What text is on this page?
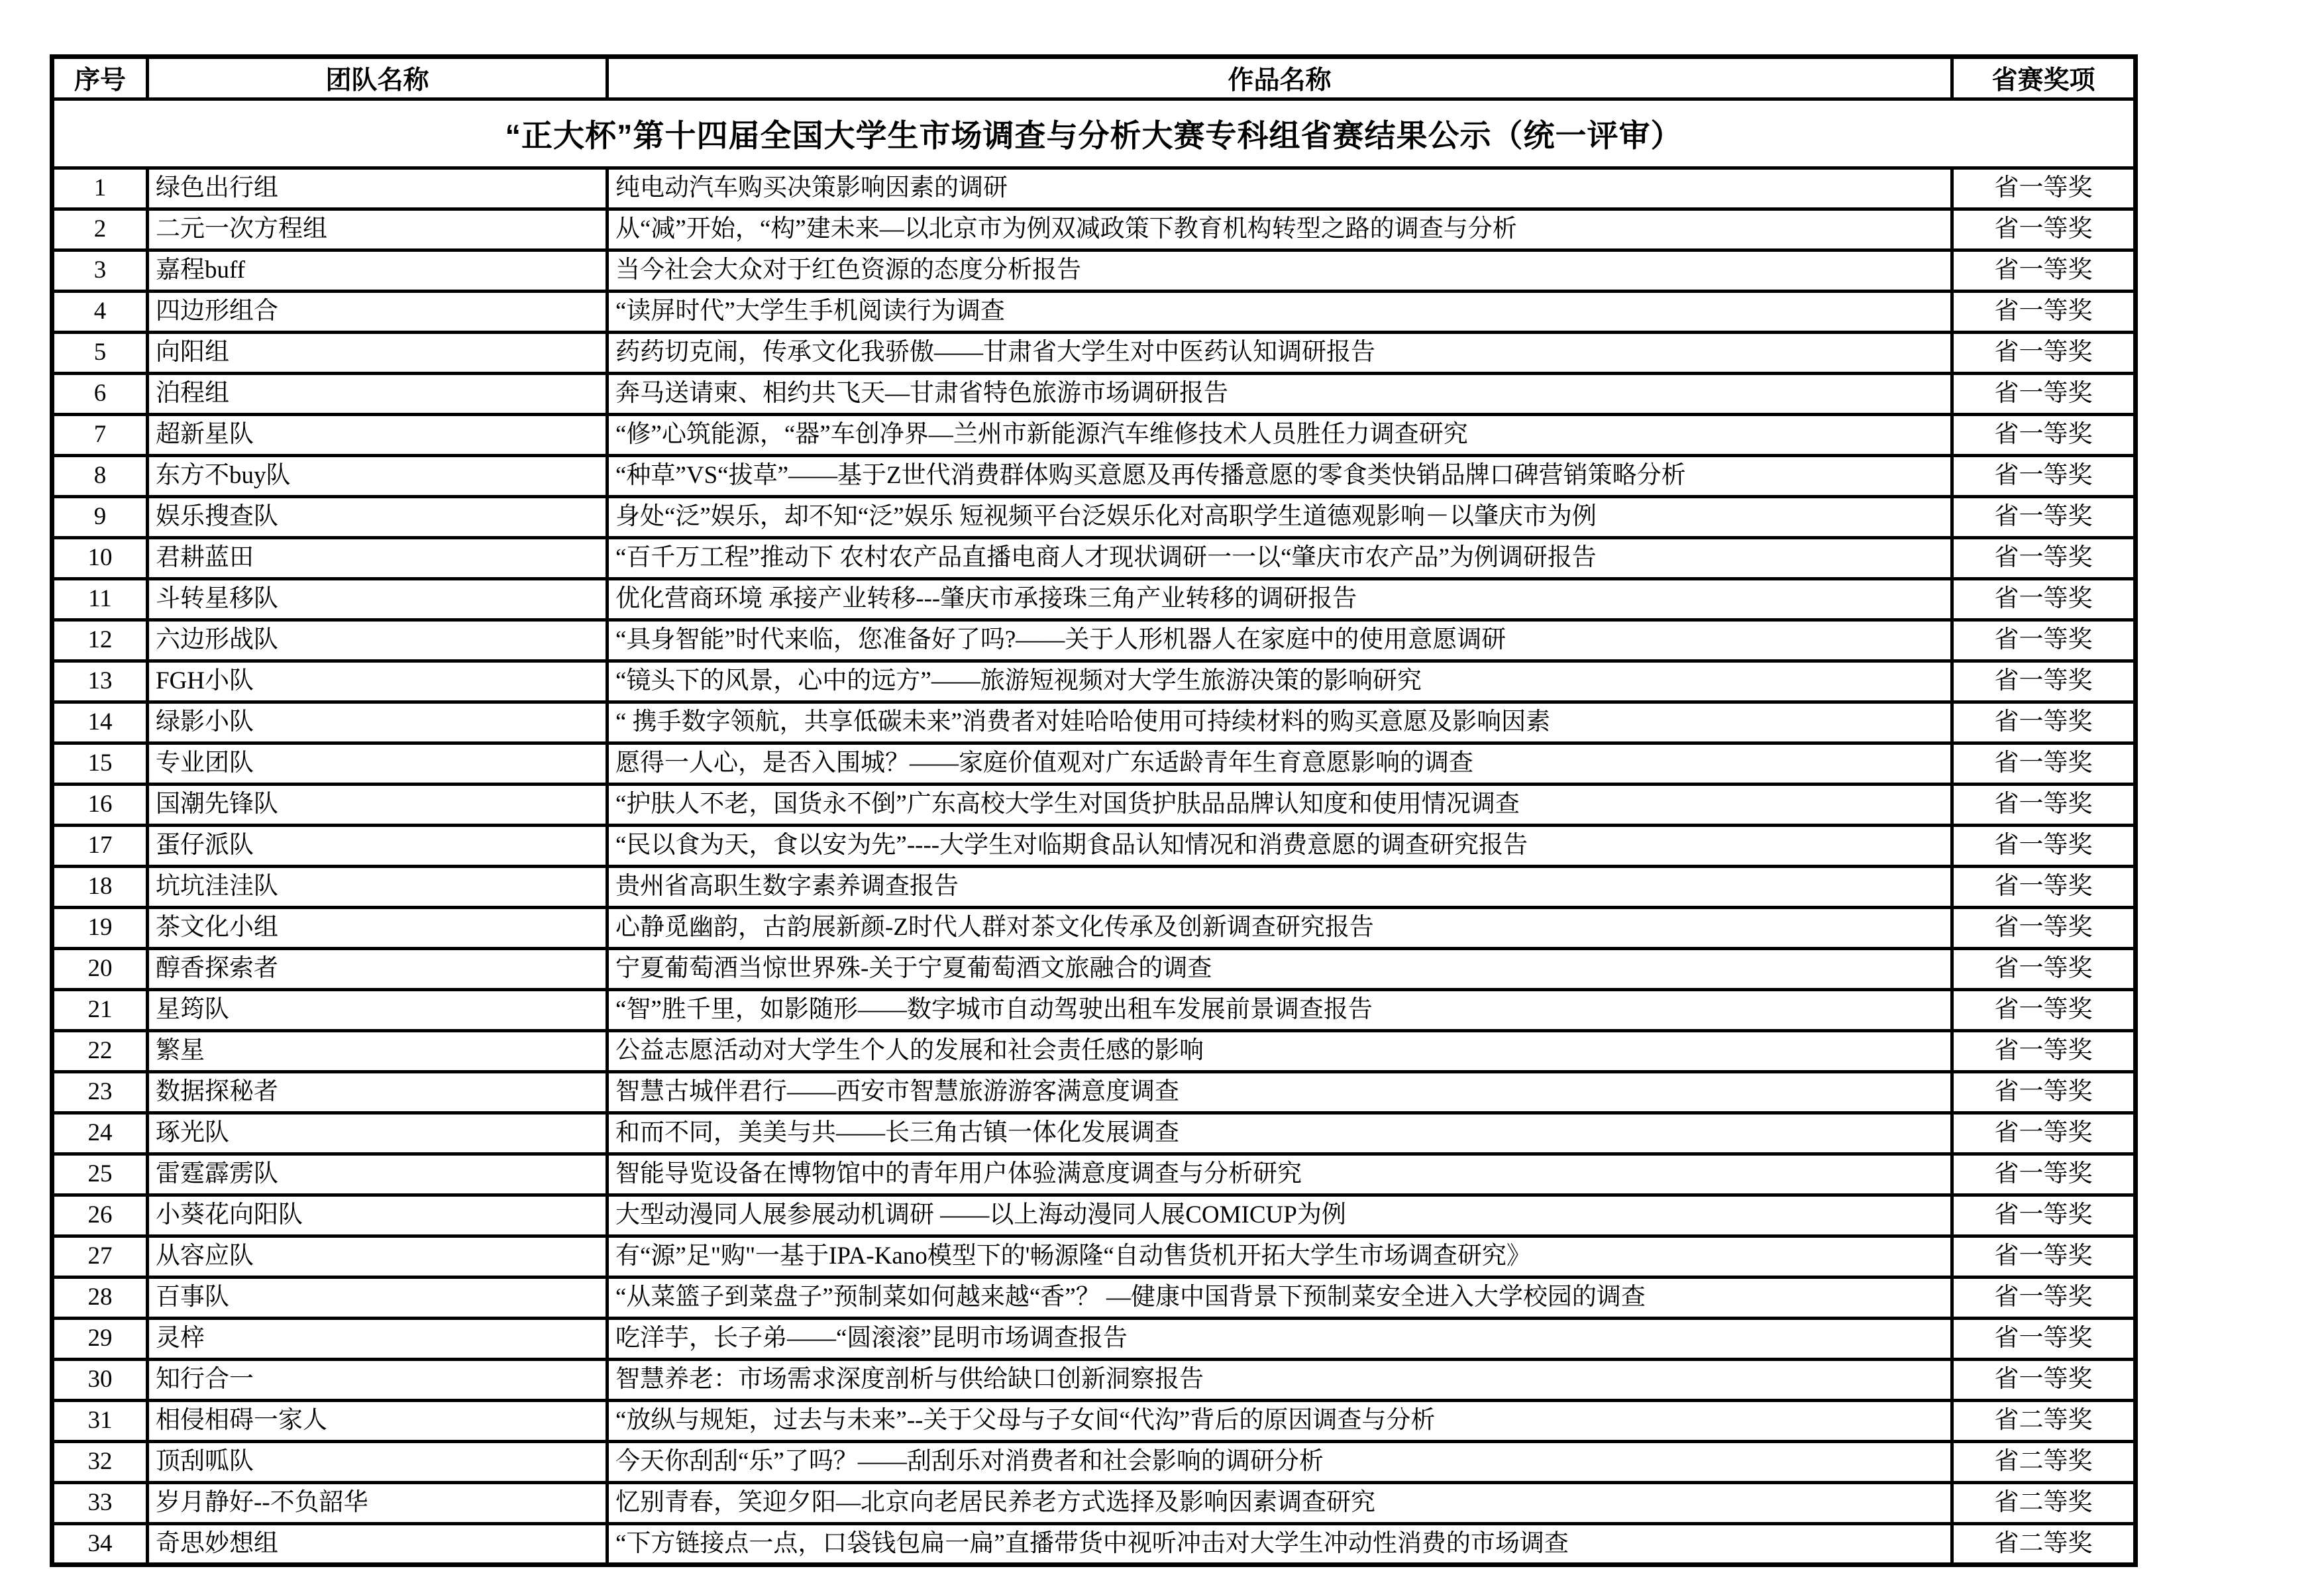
“正大杯”第十四届全国大学生市场调查与分析大赛专科组省赛结果公示（统一评审）			
序号	团队名称	作品名称	省赛奖项
1	绿色出行组	纯电动汽车购买决策影响因素的调研	省一等奖
2	二元一次方程组	从“减”开始，“构”建未来—以北京市为例双减政策下教育机构转型之路的调查与分析	省一等奖
3	嘉程buff	当今社会大众对于红色资源的态度分析报告	省一等奖
4	四边形组合	“读屏时代”大学生手机阅读行为调查	省一等奖
5	向阳组	药药切克闹，传承文化我骄傲——甘肃省大学生对中医药认知调研报告	省一等奖
6	泊程组	奔马送请柬、相约共飞天—甘肃省特色旅游市场调研报告	省一等奖
7	超新星队	“修”心筑能源，“器”车创净界—兰州市新能源汽车维修技术人员胜任力调查研究	省一等奖
8	东方不buy队	“种草”VS“拔草”——基于Z世代消费群体购买意愿及再传播意愿的零食类快销品牌口碑营销策略分析	省一等奖
9	娱乐搜查队	身处“泛”娱乐，却不知“泛”娱乐 短视频平台泛娱乐化对高职学生道德观影响－以肇庆市为例	省一等奖
10	君耕蓝田	“百千万工程”推动下 农村农产品直播电商人才现状调研一一以“肇庆市农产品”为例调研报告	省一等奖
11	斗转星移队	优化营商环境 承接产业转移---肇庆市承接珠三角产业转移的调研报告	省一等奖
12	六边形战队	“具身智能”时代来临，您准备好了吗?——关于人形机器人在家庭中的使用意愿调研	省一等奖
13	FGH小队	“镜头下的风景，心中的远方”——旅游短视频对大学生旅游决策的影响研究	省一等奖
14	绿影小队	“ 携手数字领航，共享低碳未来”消费者对娃哈哈使用可持续材料的购买意愿及影响因素	省一等奖
15	专业团队	愿得一人心，是否入围城？——家庭价值观对广东适龄青年生育意愿影响的调查	省一等奖
16	国潮先锋队	“护肤人不老，国货永不倒”广东高校大学生对国货护肤品品牌认知度和使用情况调查	省一等奖
17	蛋仔派队	“民以食为天，食以安为先”----大学生对临期食品认知情况和消费意愿的调查研究报告	省一等奖
18	坑坑洼洼队	贵州省高职生数字素养调查报告	省一等奖
19	茶文化小组	心静觅幽韵，古韵展新颜-Z时代人群对茶文化传承及创新调查研究报告	省一等奖
20	醇香探索者	宁夏葡萄酒当惊世界殊-关于宁夏葡萄酒文旅融合的调查	省一等奖
21	星筠队	“智”胜千里，如影随形——数字城市自动驾驶出租车发展前景调查报告	省一等奖
22	繁星	公益志愿活动对大学生个人的发展和社会责任感的影响	省一等奖
23	数据探秘者	智慧古城伴君行——西安市智慧旅游游客满意度调查	省一等奖
24	琢光队	和而不同，美美与共——长三角古镇一体化发展调查	省一等奖
25	雷霆霹雳队	智能导览设备在博物馆中的青年用户体验满意度调查与分析研究	省一等奖
26	小葵花向阳队	大型动漫同人展参展动机调研 ——以上海动漫同人展COMICUP为例	省一等奖
27	从容应队	有“源”足"购"一基于IPA-Kano模型下的'畅源隆“自动售货机开拓大学生市场调查研究》	省一等奖
28	百事队	“从菜篮子到菜盘子”预制菜如何越来越“香”？ —健康中国背景下预制菜安全进入大学校园的调查	省一等奖
29	灵梓	吃洋芋，长子弟——“圆滚滚”昆明市场调查报告	省一等奖
30	知行合一	智慧养老：市场需求深度剖析与供给缺口创新洞察报告	省一等奖
31	相侵相碍一家人	“放纵与规矩，过去与未来”--关于父母与子女间“代沟”背后的原因调查与分析	省二等奖
32	顶刮呱队	今天你刮刮“乐”了吗？——刮刮乐对消费者和社会影响的调研分析	省二等奖
33	岁月静好--不负韶华	忆别青春，笑迎夕阳—北京向老居民养老方式选择及影响因素调查研究	省二等奖
34	奇思妙想组	“下方链接点一点，口袋钱包扁一扁”直播带货中视听冲击对大学生冲动性消费的市场调查	省二等奖
